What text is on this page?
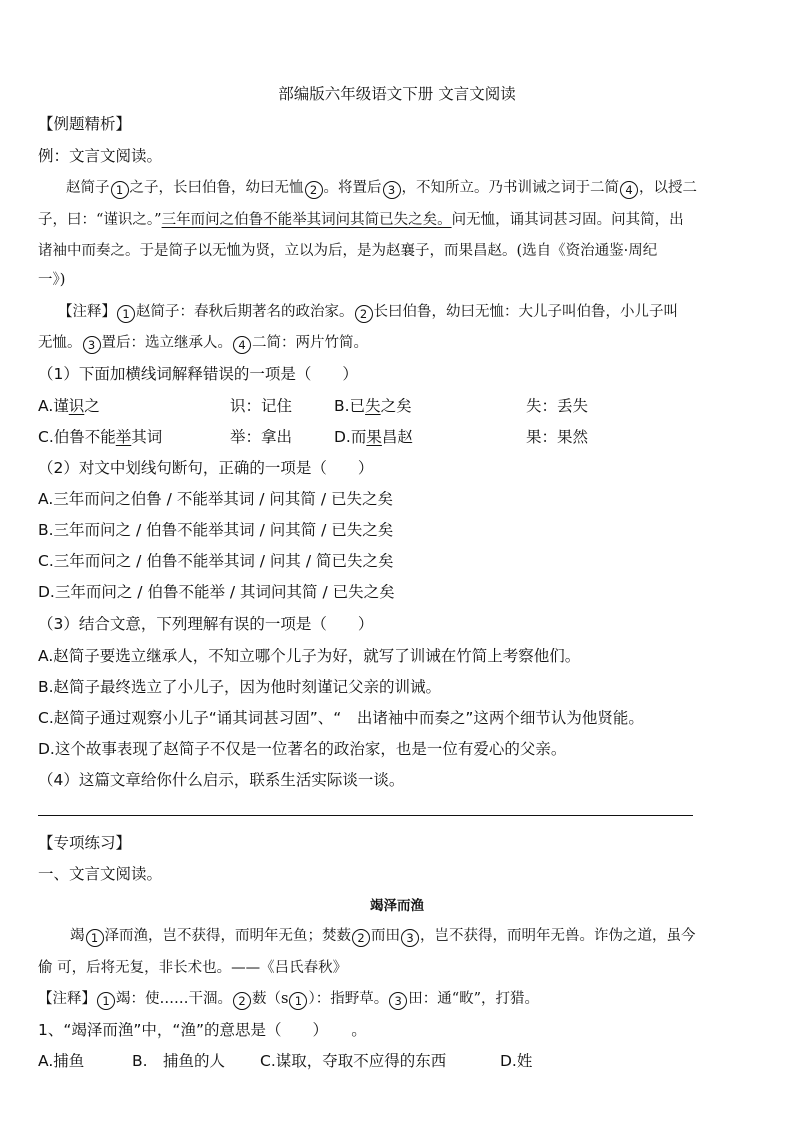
部编版六年级语文下册 文言文阅读
【例题精析】
例：文言文阅读。
赵简子 1 之子，长曰伯鲁，幼曰无恤 2 。将置后 3 ，不知所立。乃书训诫之词于二简 4 ，以授二
子，曰：“谨识之。”三年而问之伯鲁不能举其词问其简已失之矣。问无恤，诵其词甚习固。问其简，出
诸袖中而奏之。于是简子以无恤为贤，立以为后，是为赵襄子，而果昌赵。(选自《资治通鉴·周纪
一》)
【注释】 1 赵简子：春秋后期著名的政治家。 2 长曰伯鲁，幼曰无恤：大儿子叫伯鲁，小儿子叫
无恤。 3 置后：选立继承人。 4 二简：两片竹简。
（1）下面加横线词解释错误的一项是（　　）
A.谨识之	识：记住	B.已失之矣	失：丢失
C.伯鲁不能举其词	举：拿出	D.而果昌赵	果：果然
（2）对文中划线句断句，正确的一项是（　　）
A.三年而问之伯鲁 / 不能举其词 / 问其简 / 已失之矣
B.三年而问之 / 伯鲁不能举其词 / 问其简 / 已失之矣
C.三年而问之 / 伯鲁不能举其词 / 问其 / 简已失之矣
D.三年而问之 / 伯鲁不能举 / 其词问其简 / 已失之矣
（3）结合文意，下列理解有误的一项是（　　）
A.赵简子要选立继承人，不知立哪个儿子为好，就写了训诫在竹简上考察他们。
B.赵简子最终选立了小儿子，因为他时刻谨记父亲的训诫。
C.赵简子通过观察小儿子“诵其词甚习固”、“　出诸袖中而奏之”这两个细节认为他贤能。
D.这个故事表现了赵简子不仅是一位著名的政治家，也是一位有爱心的父亲。
（4）这篇文章给你什么启示，联系生活实际谈一谈。
【专项练习】
一、文言文阅读。
竭泽而渔
竭 1 泽而渔，岂不获得，而明年无鱼；焚薮 2 而田 3 ，岂不获得，而明年无兽。诈伪之道，虽今
偷 可，后将无复，非长术也。——《吕氏春秋》
【注释】 1 竭：使……干涸。 2 薮（s 1 ）：指野草。 3 田：通“畋”，打猎。
1、“竭泽而渔”中，“渔”的意思是（　　）　　。
A.捕鱼	B.　捕鱼的人 C.谋取，夺取不应得的东西	D.姓
